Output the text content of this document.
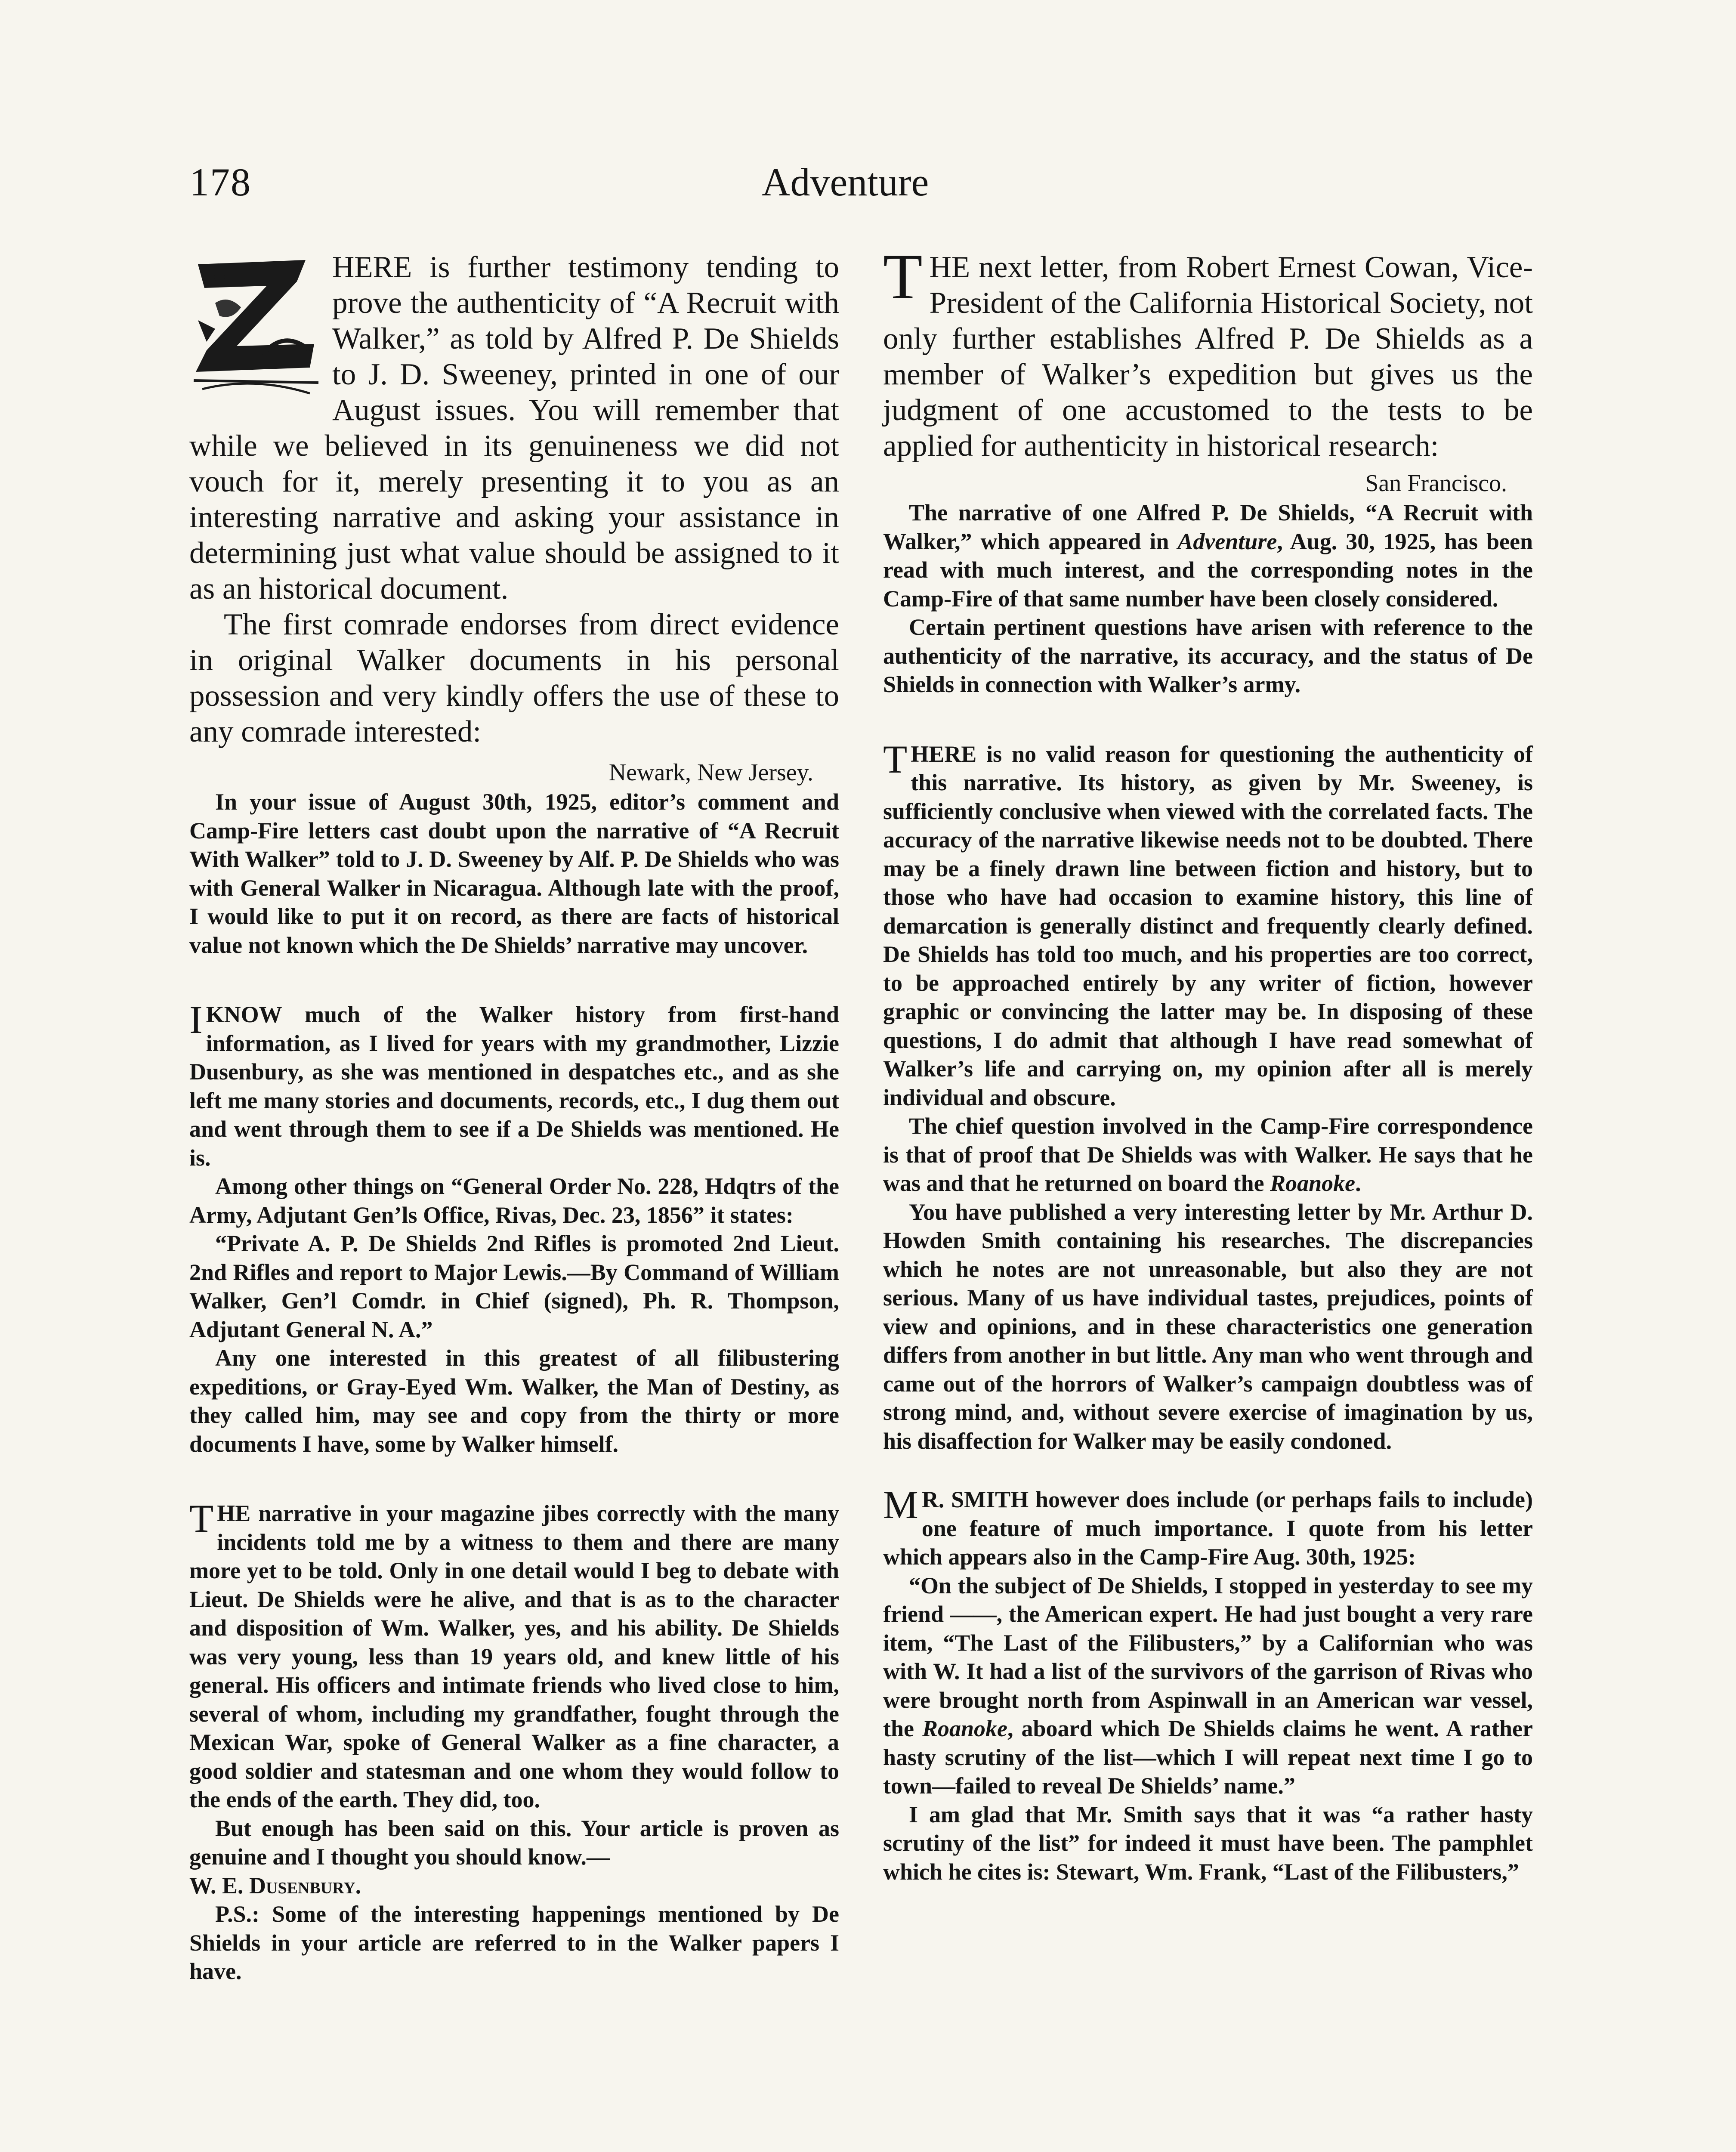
178	Adventure

HERE is further testimony tending to prove the authenticity of “A Recruit with Walker,” as told by Alfred P. De Shields to J. D. Sweeney, printed in one of our August issues. You will remember that while we believed in its genuineness we did not vouch for it, merely presenting it to you as an interesting narrative and asking your assistance in determining just what value should be assigned to it as an historical document.

The first comrade endorses from direct evidence in original Walker documents in his personal possession and very kindly offers the use of these to any comrade interested:

Newark, New Jersey.

In your issue of August 30th, 1925, editor’s comment and Camp-Fire letters cast doubt upon the narrative of “A Recruit With Walker” told to J. D. Sweeney by Alf. P. De Shields who was with General Walker in Nicaragua. Although late with the proof, I would like to put it on record, as there are facts of historical value not known which the De Shields’ narrative may uncover.

I KNOW much of the Walker history from first-hand information, as I lived for years with my grandmother, Lizzie Dusenbury, as she was mentioned in despatches etc., and as she left me many stories and documents, records, etc., I dug them out and went through them to see if a De Shields was mentioned. He is.

Among other things on “General Order No. 228, Hdqtrs of the Army, Adjutant Gen’ls Office, Rivas, Dec. 23, 1856” it states:

“Private A. P. De Shields 2nd Rifles is promoted 2nd Lieut. 2nd Rifles and report to Major Lewis.—By Command of William Walker, Gen’l Comdr. in Chief (signed), Ph. R. Thompson, Adjutant General N. A.”

Any one interested in this greatest of all filibustering expeditions, or Gray-Eyed Wm. Walker, the Man of Destiny, as they called him, may see and copy from the thirty or more documents I have, some by Walker himself.

T HE narrative in your magazine jibes correctly with the many incidents told me by a witness to them and there are many more yet to be told. Only in one detail would I beg to debate with Lieut. De Shields were he alive, and that is as to the character and disposition of Wm. Walker, yes, and his ability. De Shields was very young, less than 19 years old, and knew little of his general. His officers and intimate friends who lived close to him, several of whom, including my grandfather, fought through the Mexican War, spoke of General Walker as a fine character, a good soldier and statesman and one whom they would follow to the ends of the earth. They did, too.

But enough has been said on this. Your article is proven as genuine and I thought you should know.—

W. E. Dusenbury.

P.S.: Some of the interesting happenings mentioned by De Shields in your article are referred to in the Walker papers I have.

T HE next letter, from Robert Ernest Cowan, Vice-President of the California Historical Society, not only further establishes Alfred P. De Shields as a member of Walker’s expedition but gives us the judgment of one accustomed to the tests to be applied for authenticity in historical research:

San Francisco.

The narrative of one Alfred P. De Shields, “A Recruit with Walker,” which appeared in Adventure, Aug. 30, 1925, has been read with much interest, and the corresponding notes in the Camp-Fire of that same number have been closely considered.

Certain pertinent questions have arisen with reference to the authenticity of the narrative, its accuracy, and the status of De Shields in connection with Walker’s army.

T HERE is no valid reason for questioning the authenticity of this narrative. Its history, as given by Mr. Sweeney, is sufficiently conclusive when viewed with the correlated facts. The accuracy of the narrative likewise needs not to be doubted. There may be a finely drawn line between fiction and history, but to those who have had occasion to examine history, this line of demarcation is generally distinct and frequently clearly defined. De Shields has told too much, and his properties are too correct, to be approached entirely by any writer of fiction, however graphic or convincing the latter may be. In disposing of these questions, I do admit that although I have read somewhat of Walker’s life and carrying on, my opinion after all is merely individual and obscure.

The chief question involved in the Camp-Fire correspondence is that of proof that De Shields was with Walker. He says that he was and that he returned on board the Roanoke.

You have published a very interesting letter by Mr. Arthur D. Howden Smith containing his researches. The discrepancies which he notes are not unreasonable, but also they are not serious. Many of us have individual tastes, prejudices, points of view and opinions, and in these characteristics one generation differs from another in but little. Any man who went through and came out of the horrors of Walker’s campaign doubtless was of strong mind, and, without severe exercise of imagination by us, his disaffection for Walker may be easily condoned.

M R. SMITH however does include (or perhaps fails to include) one feature of much importance. I quote from his letter which appears also in the Camp-Fire Aug. 30th, 1925:

“On the subject of De Shields, I stopped in yesterday to see my friend ——, the American expert. He had just bought a very rare item, “The Last of the Filibusters,” by a Californian who was with W. It had a list of the survivors of the garrison of Rivas who were brought north from Aspinwall in an American war vessel, the Roanoke, aboard which De Shields claims he went. A rather hasty scrutiny of the list—which I will repeat next time I go to town—failed to reveal De Shields’ name.”

I am glad that Mr. Smith says that it was “a rather hasty scrutiny of the list” for indeed it must have been. The pamphlet which he cites is: Stewart, Wm. Frank, “Last of the Filibusters,”
